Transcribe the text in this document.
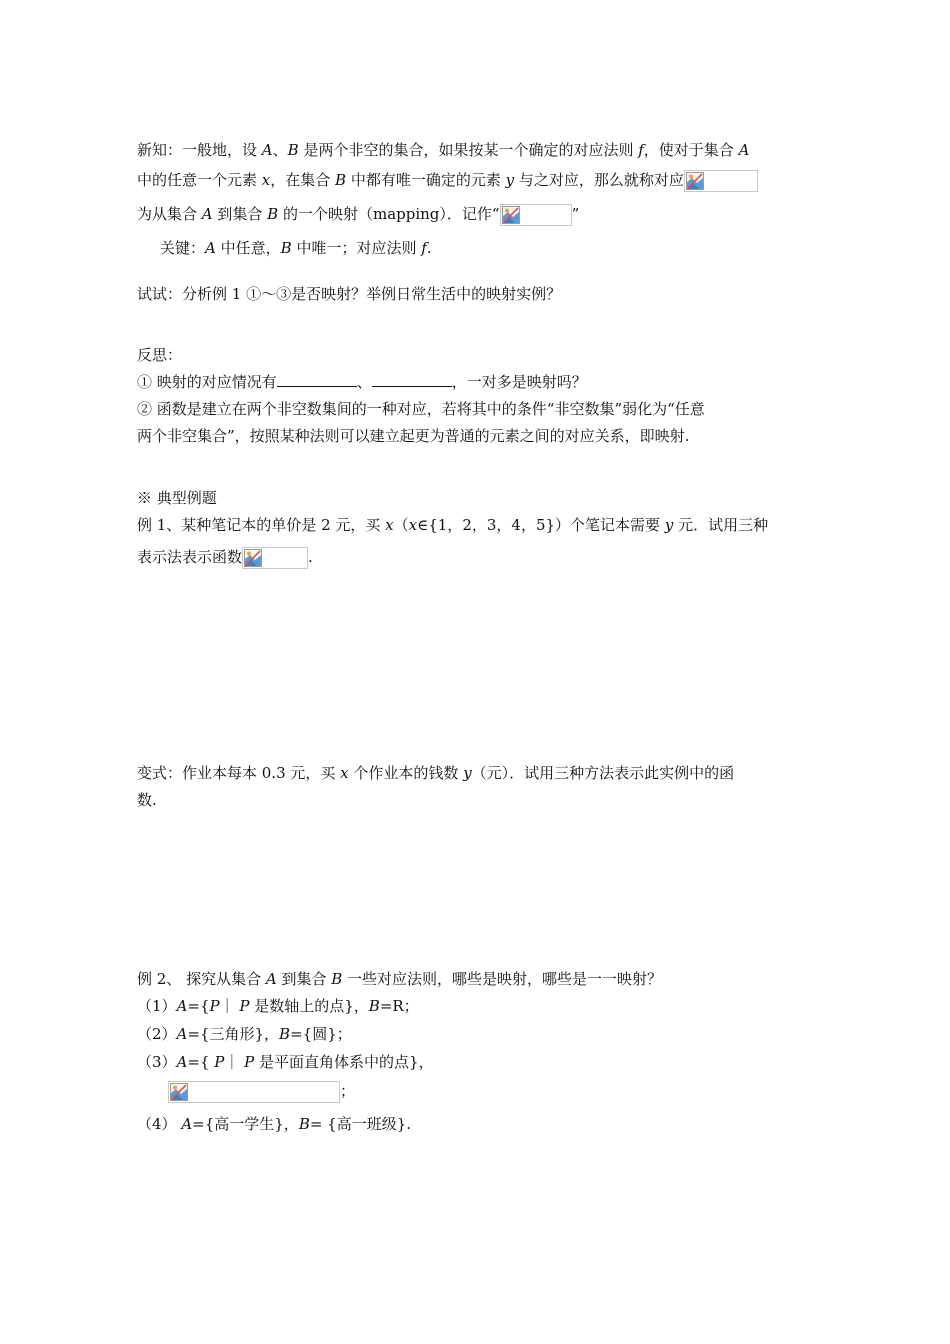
新知：一般地，设 A、B 是两个非空的集合，如果按某一个确定的对应法则 f，使对于集合 A
中的任意一个元素 x，在集合 B 中都有唯一确定的元素 y 与之对应，那么就称对应
为从集合 A 到集合 B 的一个映射（mapping）．记作“	”
关键：A 中任意，B 中唯一；对应法则 f.
试试：分析例 1 ①～③是否映射？举例日常生活中的映射实例？
反思：
① 映射的对应情况有	、	，一对多是映射吗？
② 函数是建立在两个非空数集间的一种对应，若将其中的条件“非空数集”弱化为“任意
两个非空集合”，按照某种法则可以建立起更为普通的元素之间的对应关系，即映射.
※ 典型例题
例 1、某种笔记本的单价是 2 元，买 x（x∈{1，2，3，4，5}）个笔记本需要 y 元．试用三种
表示法表示函数	.
变式：作业本每本 0.3 元，买 x 个作业本的钱数 y（元）．试用三种方法表示此实例中的函
数.
例 2、 探究从集合 A 到集合 B 一些对应法则，哪些是映射，哪些是一一映射？
（1）A={P｜ P 是数轴上的点}，B=R；
（2）A={三角形}，B={圆}；
（3）A={ P｜ P 是平面直角体系中的点}，
；
（4） A={高一学生}，B= {高一班级}.
